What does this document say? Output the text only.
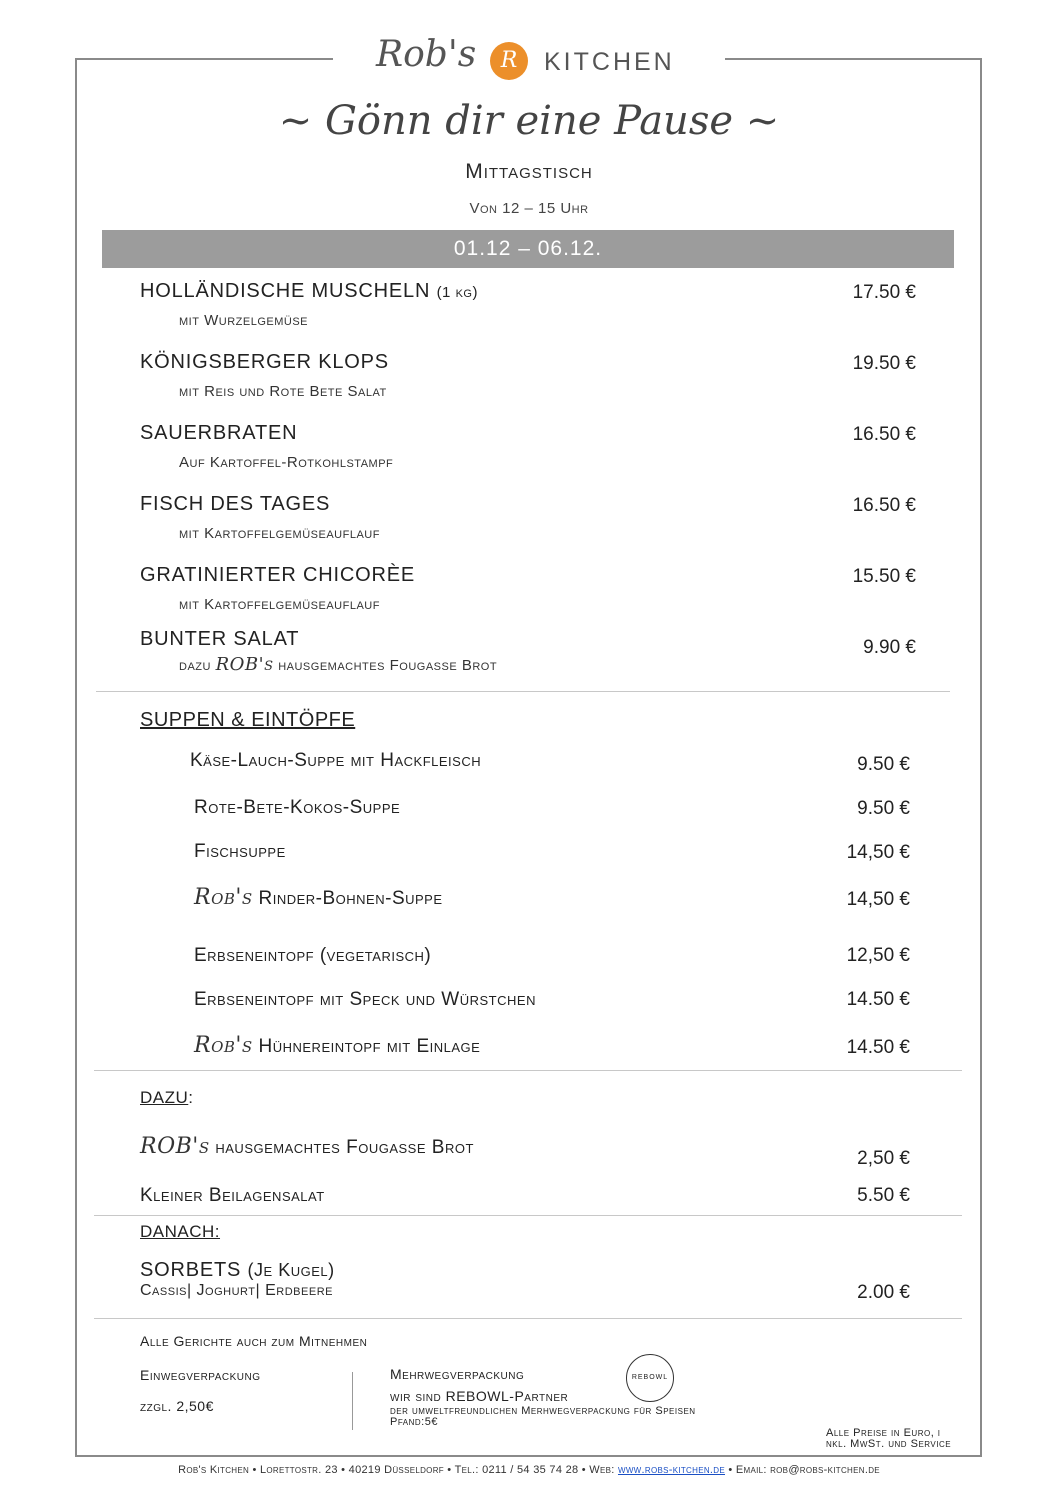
Rob's	R	KITCHEN
~ Gönn dir eine Pause ~
Mittagstisch
Von 12 – 15 Uhr
01.12 – 06.12.
HOLLÄNDISCHE MUSCHELN (1 kg)
mit Wurzelgemüse
17.50 €
KÖNIGSBERGER KLOPS
mit Reis und Rote Bete Salat
19.50 €
SAUERBRATEN
Auf Kartoffel-Rotkohlstampf
16.50 €
FISCH DES TAGES
mit Kartoffelgemüseauflauf
16.50 €
GRATINIERTER CHICORÈE
mit Kartoffelgemüseauflauf
15.50 €
BUNTER SALAT
dazu ROB's hausgemachtes Fougasse Brot
9.90 €
SUPPEN & EINTÖPFE
Käse-Lauch-Suppe mit Hackfleisch	9.50 €
Rote-Bete-Kokos-Suppe	9.50 €
Fischsuppe	14,50 €
Rob's Rinder-Bohnen-Suppe	14,50 €
Erbseneintopf (vegetarisch)	12,50 €
Erbseneintopf mit Speck und Würstchen	14.50 €
Rob's Hühnereintopf mit Einlage	14.50 €
DAZU:
ROB's hausgemachtes Fougasse Brot
2,50 €
Kleiner Beilagensalat	5.50 €
DANACH:
SORBETS (Je Kugel)
Cassis| Joghurt| Erdbeere	2.00 €
Alle Gerichte auch zum Mitnehmen
Einwegverpackung
zzgl. 2,50€
Mehrwegverpackung	REBOWL
wir sind REBOWL-Partner
der umweltfreundlichen Merhwegverpackung für Speisen
Pfand:5€
Alle Preise in Euro, i
nkl. MwSt. und Service
Rob's Kitchen • Lorettostr. 23 • 40219 Düsseldorf • Tel.: 0211 / 54 35 74 28 • Web: www.robs-kitchen.de • Email: rob@robs-kitchen.de
